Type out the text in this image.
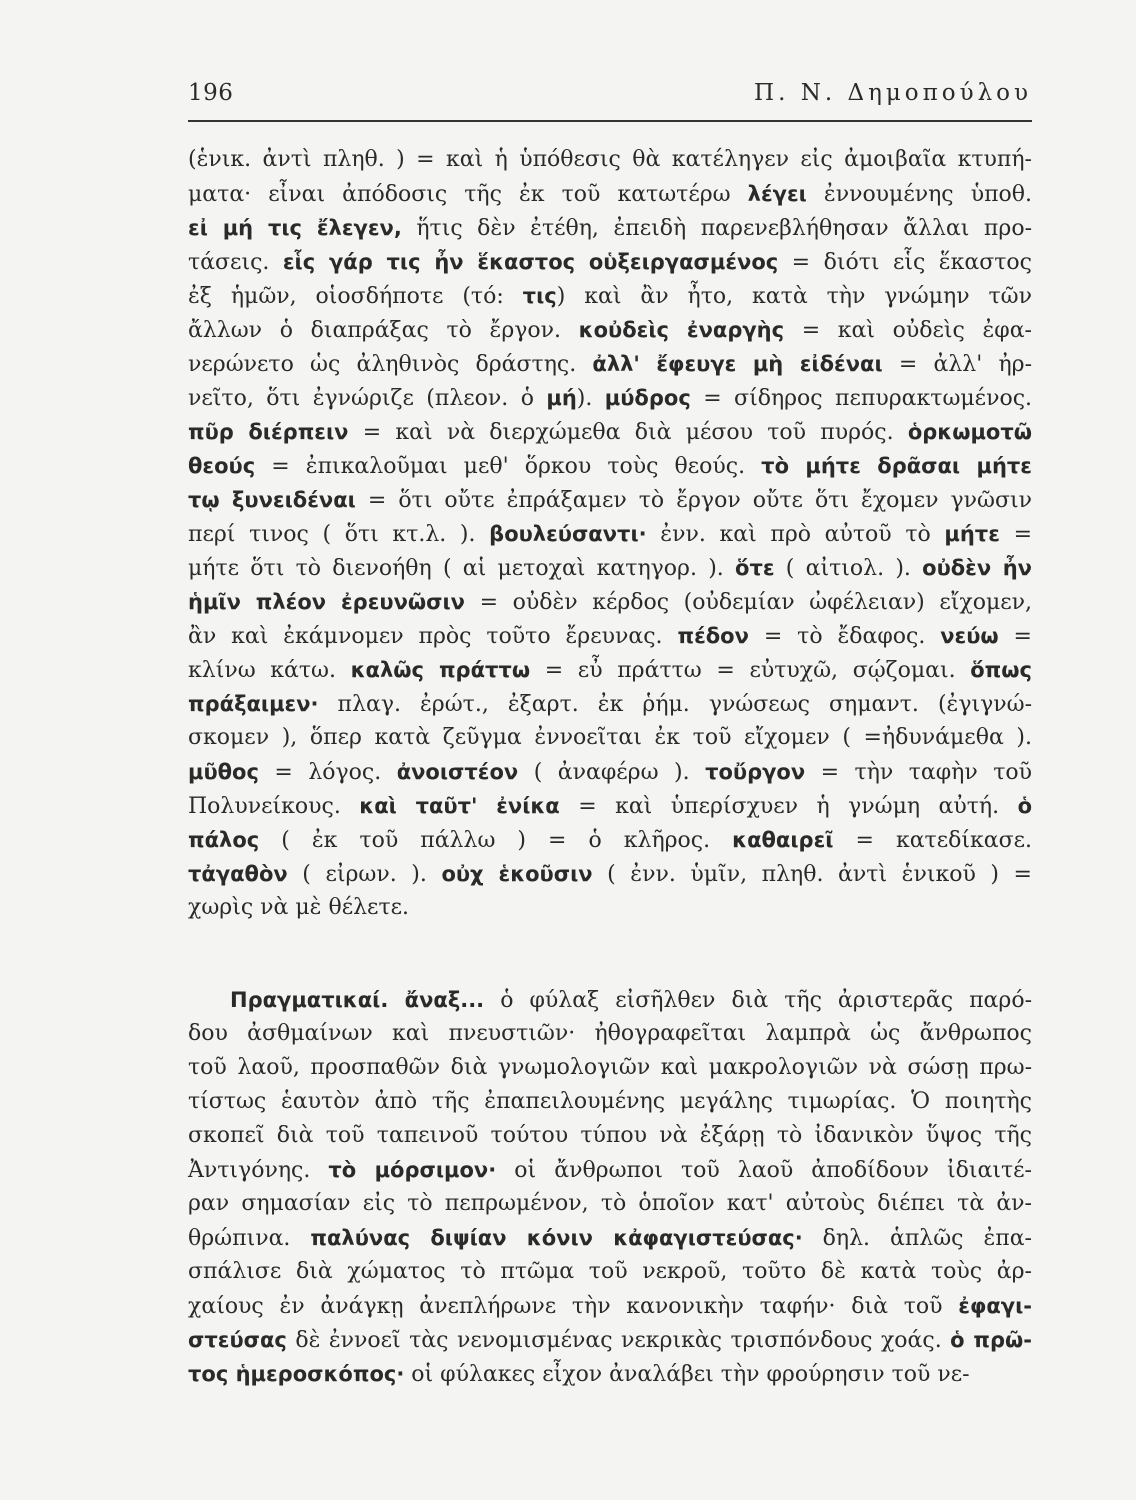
196	Π. Ν. Δημοπούλου
(ἑνικ. ἀντὶ πληθ. ) = καὶ ἡ ὑπόθεσις θὰ κατέληγεν εἰς ἀμοιβαῖα κτυπή-
ματα· εἶναι ἀπόδοσις τῆς ἐκ τοῦ κατωτέρω λέγει ἐννουμένης ὑποθ.
εἰ μή τις ἔλεγεν, ἥτις δὲν ἐτέθη, ἐπειδὴ παρενεβλήθησαν ἄλλαι προ-
τάσεις. εἷς γάρ τις ἦν ἕκαστος οὑξειργασμένος = διότι εἷς ἕκαστος
ἐξ ἡμῶν, οἱοσδήποτε (τό: τις) καὶ ἂν ἦτο, κατὰ τὴν γνώμην τῶν
ἄλλων ὁ διαπράξας τὸ ἔργον. κοὐδεὶς ἐναργὴς = καὶ οὐδεὶς ἐφα-
νερώνετο ὡς ἀληθινὸς δράστης. ἀλλ' ἔφευγε μὴ εἰδέναι = ἀλλ' ἠρ-
νεῖτο, ὅτι ἐγνώριζε (πλεον. ὁ μή). μύδρος = σίδηρος πεπυρακτωμένος.
πῦρ διέρπειν = καὶ νὰ διερχώμεθα διὰ μέσου τοῦ πυρός. ὁρκωμοτῶ
θεούς = ἐπικαλοῦμαι μεθ' ὅρκου τοὺς θεούς. τὸ μήτε δρᾶσαι μήτε
τῳ ξυνειδέναι = ὅτι οὔτε ἐπράξαμεν τὸ ἔργον οὔτε ὅτι ἔχομεν γνῶσιν
περί τινος ( ὅτι κτ.λ. ). βουλεύσαντι· ἐνν. καὶ πρὸ αὐτοῦ τὸ μήτε =
μήτε ὅτι τὸ διενοήθη ( αἱ μετοχαὶ κατηγορ. ). ὅτε ( αἰτιολ. ). οὐδὲν ἦν
ἡμῖν πλέον ἐρευνῶσιν = οὐδὲν κέρδος (οὐδεμίαν ὠφέλειαν) εἴχομεν,
ἂν καὶ ἐκάμνομεν πρὸς τοῦτο ἔρευνας. πέδον = τὸ ἔδαφος. νεύω =
κλίνω κάτω. καλῶς πράττω = εὖ πράττω = εὐτυχῶ, σῴζομαι. ὅπως
πράξαιμεν· πλαγ. ἐρώτ., ἐξαρτ. ἐκ ῥήμ. γνώσεως σημαντ. (ἐγιγνώ-
σκομεν ), ὅπερ κατὰ ζεῦγμα ἐννοεῖται ἐκ τοῦ εἴχομεν ( =ἠδυνάμεθα ).
μῦθος = λόγος. ἀνοιστέον ( ἀναφέρω ). τοὔργον = τὴν ταφὴν τοῦ
Πολυνείκους. καὶ ταῦτ' ἐνίκα = καὶ ὑπερίσχυεν ἡ γνώμη αὐτή. ὁ
πάλος ( ἐκ τοῦ πάλλω ) = ὁ κλῆρος. καθαιρεῖ = κατεδίκασε.
τἀγαθὸν ( εἰρων. ). οὐχ ἑκοῦσιν ( ἐνν. ὑμῖν, πληθ. ἀντὶ ἑνικοῦ ) =
χωρὶς νὰ μὲ θέλετε.
Πραγματικαί. ἄναξ... ὁ φύλαξ εἰσῆλθεν διὰ τῆς ἀριστερᾶς παρό-
δου ἀσθμαίνων καὶ πνευστιῶν· ἠθογραφεῖται λαμπρὰ ὡς ἄνθρωπος
τοῦ λαοῦ, προσπαθῶν διὰ γνωμολογιῶν καὶ μακρολογιῶν νὰ σώσῃ πρω-
τίστως ἑαυτὸν ἀπὸ τῆς ἐπαπειλουμένης μεγάλης τιμωρίας. Ὁ ποιητὴς
σκοπεῖ διὰ τοῦ ταπεινοῦ τούτου τύπου νὰ ἐξάρῃ τὸ ἰδανικὸν ὕψος τῆς
Ἀντιγόνης. τὸ μόρσιμον· οἱ ἄνθρωποι τοῦ λαοῦ ἀποδίδουν ἰδιαιτέ-
ραν σημασίαν εἰς τὸ πεπρωμένον, τὸ ὁποῖον κατ' αὐτοὺς διέπει τὰ ἀν-
θρώπινα. παλύνας διψίαν κόνιν κἀφαγιστεύσας· δηλ. ἁπλῶς ἐπα-
σπάλισε διὰ χώματος τὸ πτῶμα τοῦ νεκροῦ, τοῦτο δὲ κατὰ τοὺς ἀρ-
χαίους ἐν ἀνάγκῃ ἀνεπλήρωνε τὴν κανονικὴν ταφήν· διὰ τοῦ ἐφαγι-
στεύσας δὲ ἐννοεῖ τὰς νενομισμένας νεκρικὰς τρισπόνδους χοάς. ὁ πρῶ-
τος ἡμεροσκόπος· οἱ φύλακες εἶχον ἀναλάβει τὴν φρούρησιν τοῦ νε-
